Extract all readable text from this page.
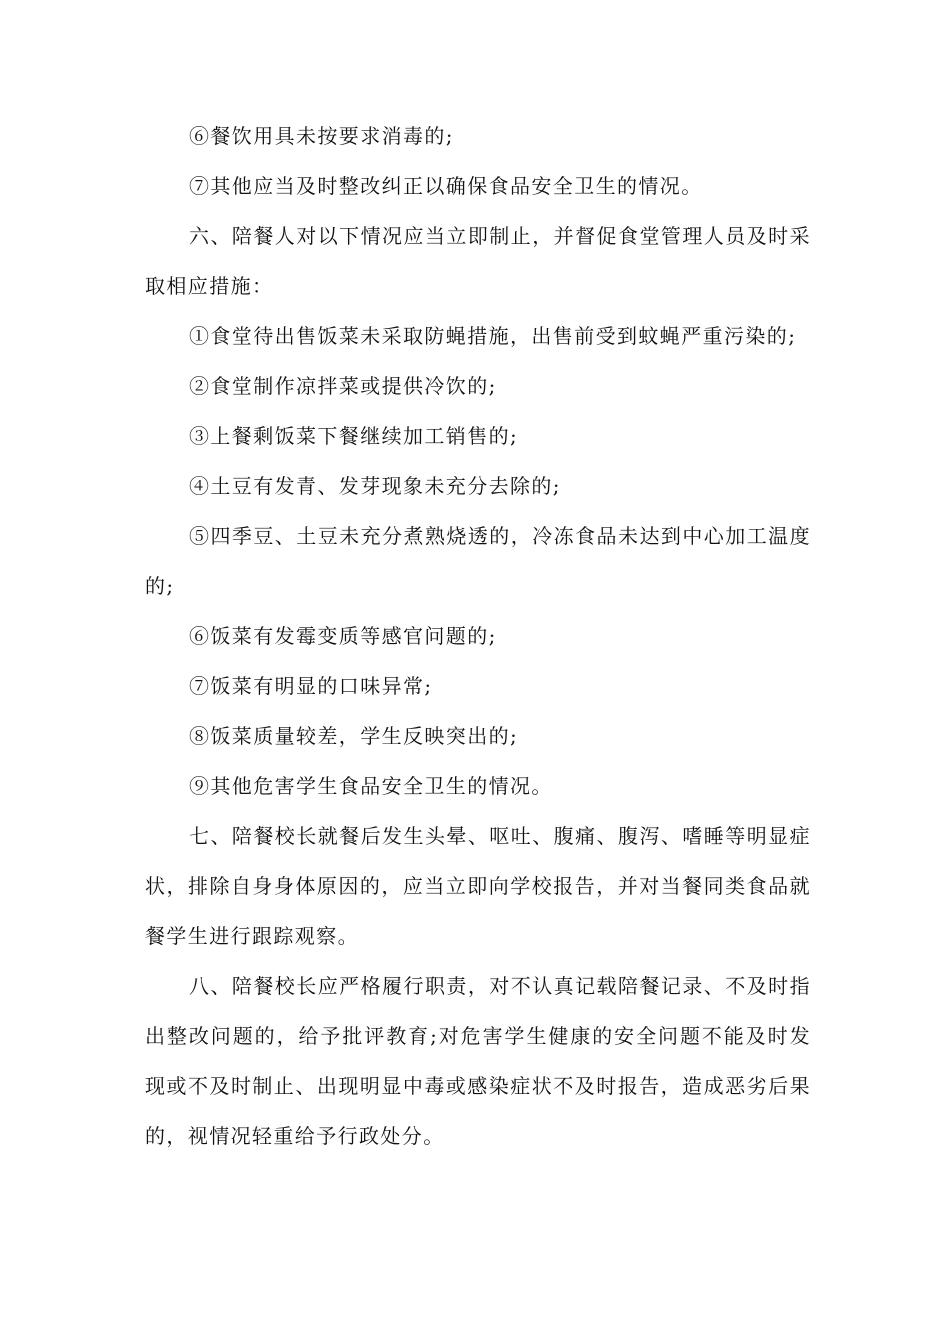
⑥餐饮用具未按要求消毒的;

⑦其他应当及时整改纠正以确保食品安全卫生的情况。

六、陪餐人对以下情况应当立即制止，并督促食堂管理人员及时采取相应措施：

①食堂待出售饭菜未采取防蝇措施，出售前受到蚊蝇严重污染的;

②食堂制作凉拌菜或提供冷饮的;

③上餐剩饭菜下餐继续加工销售的;

④土豆有发青、发芽现象未充分去除的;

⑤四季豆、土豆未充分煮熟烧透的，冷冻食品未达到中心加工温度的;

⑥饭菜有发霉变质等感官问题的;

⑦饭菜有明显的口味异常;

⑧饭菜质量较差，学生反映突出的;

⑨其他危害学生食品安全卫生的情况。

七、陪餐校长就餐后发生头晕、呕吐、腹痛、腹泻、嗜睡等明显症状，排除自身身体原因的，应当立即向学校报告，并对当餐同类食品就餐学生进行跟踪观察。

八、陪餐校长应严格履行职责，对不认真记载陪餐记录、不及时指出整改问题的，给予批评教育;对危害学生健康的安全问题不能及时发现或不及时制止、出现明显中毒或感染症状不及时报告，造成恶劣后果的，视情况轻重给予行政处分。
